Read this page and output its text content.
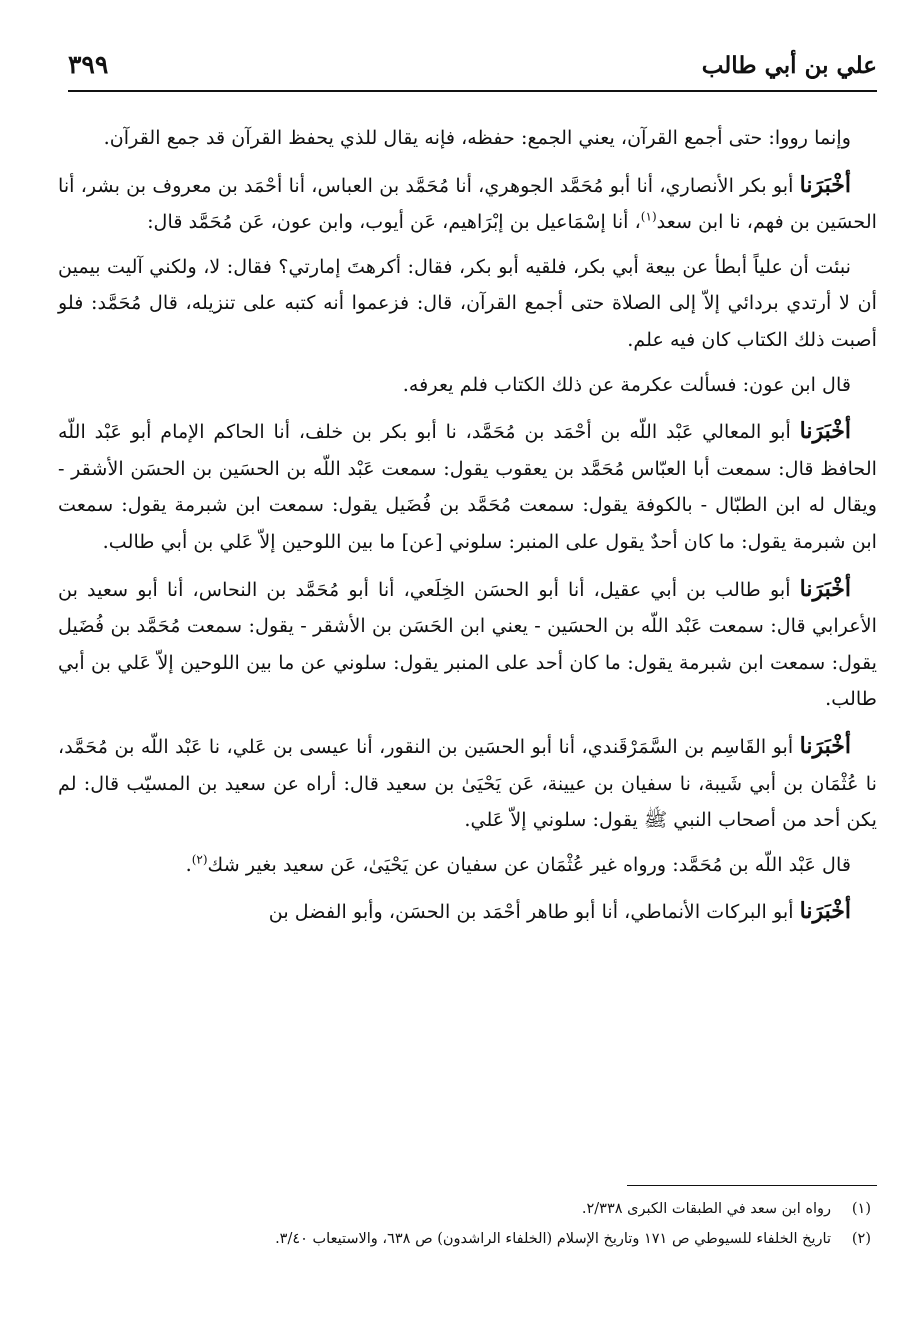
علي بن أبي طالب
٣٩٩

وإنما رووا: حتى أجمع القرآن، يعني الجمع: حفظه، فإنه يقال للذي يحفظ القرآن قد جمع القرآن.

أخْبَرَنا أبو بكر الأنصاري، أنا أبو مُحَمَّد الجوهري، أنا مُحَمَّد بن العباس، أنا أحْمَد بن معروف بن بشر، أنا الحسَين بن فهم، نا ابن سعد$^{(١)}$، أنا إسْمَاعيل بن إبْرَاهيم، عَن أيوب، وابن عون، عَن مُحَمَّد قال:

نبئت أن علياً أبطأ عن بيعة أبي بكر، فلقيه أبو بكر، فقال: أكرهتَ إمارتي؟ فقال: لا، ولكني آليت بيمين أن لا أرتدي بردائي إلاّ إلى الصلاة حتى أجمع القرآن، قال: فزعموا أنه كتبه على تنزيله، قال مُحَمَّد: فلو أصبت ذلك الكتاب كان فيه علم.

قال ابن عون: فسألت عكرمة عن ذلك الكتاب فلم يعرفه.

أخْبَرَنا أبو المعالي عَبْد اللّه بن أحْمَد بن مُحَمَّد، نا أبو بكر بن خلف، أنا الحاكم الإمام أبو عَبْد اللّه الحافظ قال: سمعت أبا العبّاس مُحَمَّد بن يعقوب يقول: سمعت عَبْد اللّه بن الحسَين بن الحسَن الأشقر - ويقال له ابن الطبّال - بالكوفة يقول: سمعت مُحَمَّد بن فُضَيل يقول: سمعت ابن شبرمة يقول: سمعت ابن شبرمة يقول: ما كان أحدٌ يقول على المنبر: سلوني [عن] ما بين اللوحين إلاّ عَلي بن أبي طالب.

أخْبَرَنا أبو طالب بن أبي عقيل، أنا أبو الحسَن الخِلَعي، أنا أبو مُحَمَّد بن النحاس، أنا أبو سعيد بن الأعرابي قال: سمعت عَبْد اللّه بن الحسَين - يعني ابن الحَسَن بن الأشقر - يقول: سمعت مُحَمَّد بن فُضَيل يقول: سمعت ابن شبرمة يقول: ما كان أحد على المنبر يقول: سلوني عن ما بين اللوحين إلاّ عَلي بن أبي طالب.

أخْبَرَنا أبو القَاسِم بن السَّمَرْقَندي، أنا أبو الحسَين بن النقور، أنا عيسى بن عَلي، نا عَبْد اللّه بن مُحَمَّد، نا عُثْمَان بن أبي شَيبة، نا سفيان بن عيينة، عَن يَحْيَىٰ بن سعيد قال: أراه عن سعيد بن المسيّب قال: لم يكن أحد من أصحاب النبي ﷺ يقول: سلوني إلاّ عَلي.

قال عَبْد اللّه بن مُحَمَّد: ورواه غير عُثْمَان عن سفيان عن يَحْيَىٰ، عَن سعيد بغير شك$^{(٢)}$.

أخْبَرَنا أبو البركات الأنماطي، أنا أبو طاهر أحْمَد بن الحسَن، وأبو الفضل بن

(١)
رواه ابن سعد في الطبقات الكبرى ٢/٣٣٨.
(٢)
تاريخ الخلفاء للسيوطي ص ١٧١ وتاريخ الإسلام (الخلفاء الراشدون) ص ٦٣٨، والاستيعاب ٣/٤٠.
